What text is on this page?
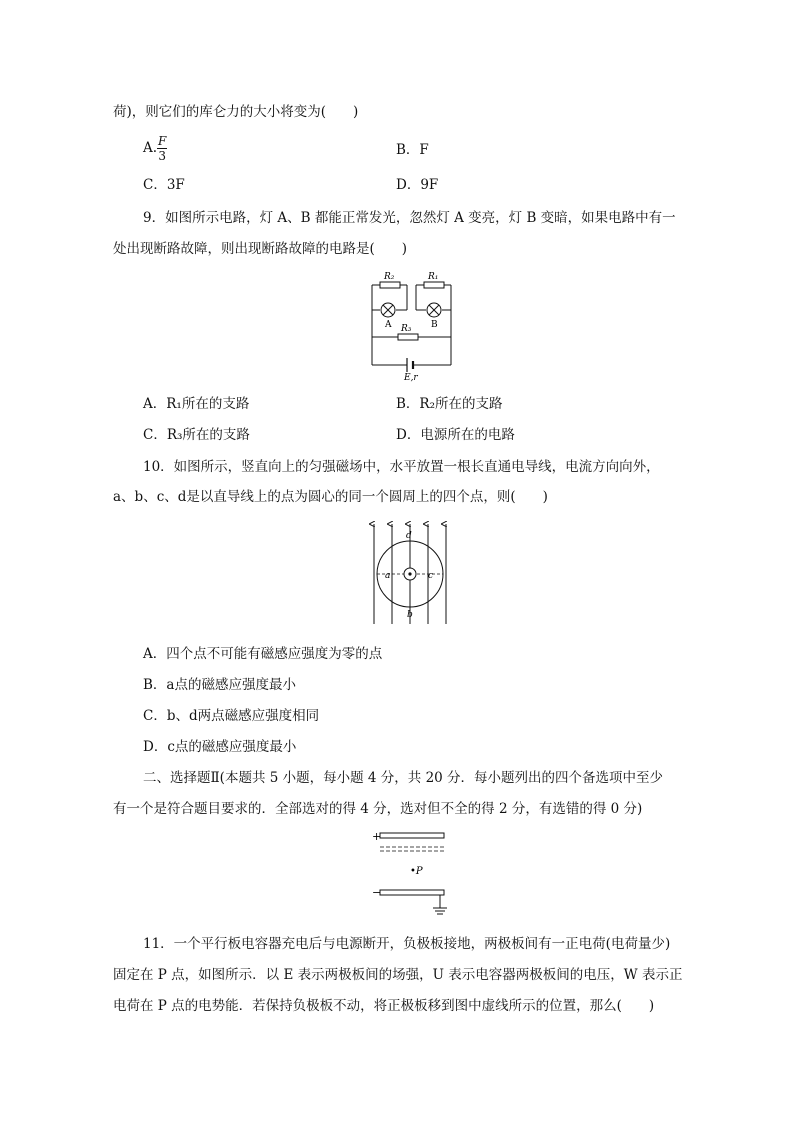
荷)，则它们的库仑力的大小将变为(　　)
A. $\frac{F}{3}$	B．F
C．3F	D．9F
9．如图所示电路，灯 A、B 都能正常发光，忽然灯 A 变亮，灯 B 变暗，如果电路中有一
处出现断路故障，则出现断路故障的电路是(　　)
R₂	R₁
R₃
A	B
E,r
A．R₁所在的支路	B．R₂所在的支路
C．R₃所在的支路	D．电源所在的电路
10．如图所示，竖直向上的匀强磁场中，水平放置一根长直通电导线，电流方向向外，
a、b、c、d是以直导线上的点为圆心的同一个圆周上的四个点，则(　　)
d
a	c
b
A．四个点不可能有磁感应强度为零的点
B．a点的磁感应强度最小
C．b、d两点磁感应强度相同
D．c点的磁感应强度最小
二、选择题Ⅱ(本题共 5 小题，每小题 4 分，共 20 分．每小题列出的四个备选项中至少
有一个是符合题目要求的．全部选对的得 4 分，选对但不全的得 2 分，有选错的得 0 分)
+
−
•P
11．一个平行板电容器充电后与电源断开，负极板接地，两极板间有一正电荷(电荷量少)
固定在 P 点，如图所示．以 E 表示两极板间的场强，U 表示电容器两极板间的电压，W 表示正
电荷在 P 点的电势能．若保持负极板不动，将正极板移到图中虚线所示的位置，那么(　　)
